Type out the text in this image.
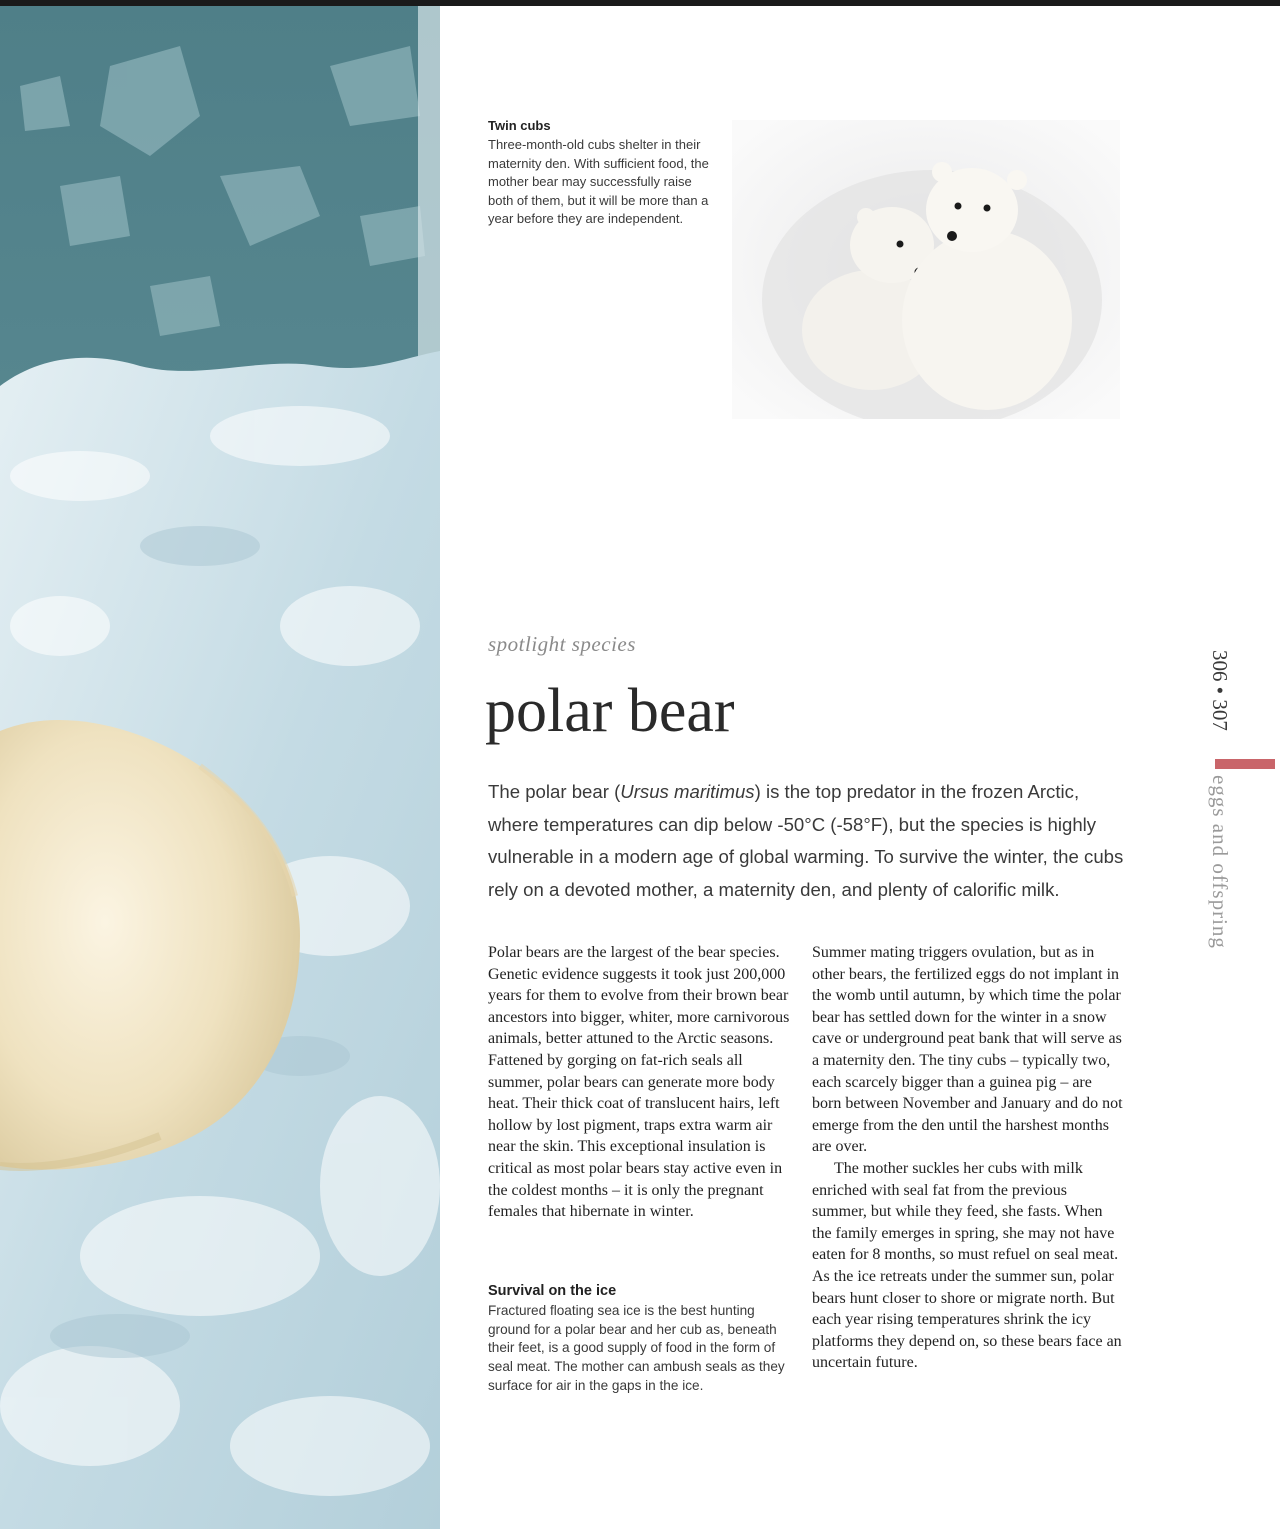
Twin cubs
Three-month-old cubs shelter in their maternity den. With sufficient food, the mother bear may successfully raise both of them, but it will be more than a year before they are independent.
spotlight species
polar bear
The polar bear (Ursus maritimus) is the top predator in the frozen Arctic, where temperatures can dip below -50°C (-58°F), but the species is highly vulnerable in a modern age of global warming. To survive the winter, the cubs rely on a devoted mother, a maternity den, and plenty of calorific milk.
Polar bears are the largest of the bear species. Genetic evidence suggests it took just 200,000 years for them to evolve from their brown bear ancestors into bigger, whiter, more carnivorous animals, better attuned to the Arctic seasons. Fattened by gorging on fat-rich seals all summer, polar bears can generate more body heat. Their thick coat of translucent hairs, left hollow by lost pigment, traps extra warm air near the skin. This exceptional insulation is critical as most polar bears stay active even in the coldest months – it is only the pregnant females that hibernate in winter.

Summer mating triggers ovulation, but as in other bears, the fertilized eggs do not implant in the womb until autumn, by which time the polar bear has settled down for the winter in a snow cave or underground peat bank that will serve as a maternity den. The tiny cubs – typically two, each scarcely bigger than a guinea pig – are born between November and January and do not emerge from the den until the harshest months are over.

The mother suckles her cubs with milk enriched with seal fat from the previous summer, but while they feed, she fasts. When the family emerges in spring, she may not have eaten for 8 months, so must refuel on seal meat. As the ice retreats under the summer sun, polar bears hunt closer to shore or migrate north. But each year rising temperatures shrink the icy platforms they depend on, so these bears face an uncertain future.

Survival on the ice
Fractured floating sea ice is the best hunting ground for a polar bear and her cub as, beneath their feet, is a good supply of food in the form of seal meat. The mother can ambush seals as they surface for air in the gaps in the ice.
306 • 307
eggs and offspring
